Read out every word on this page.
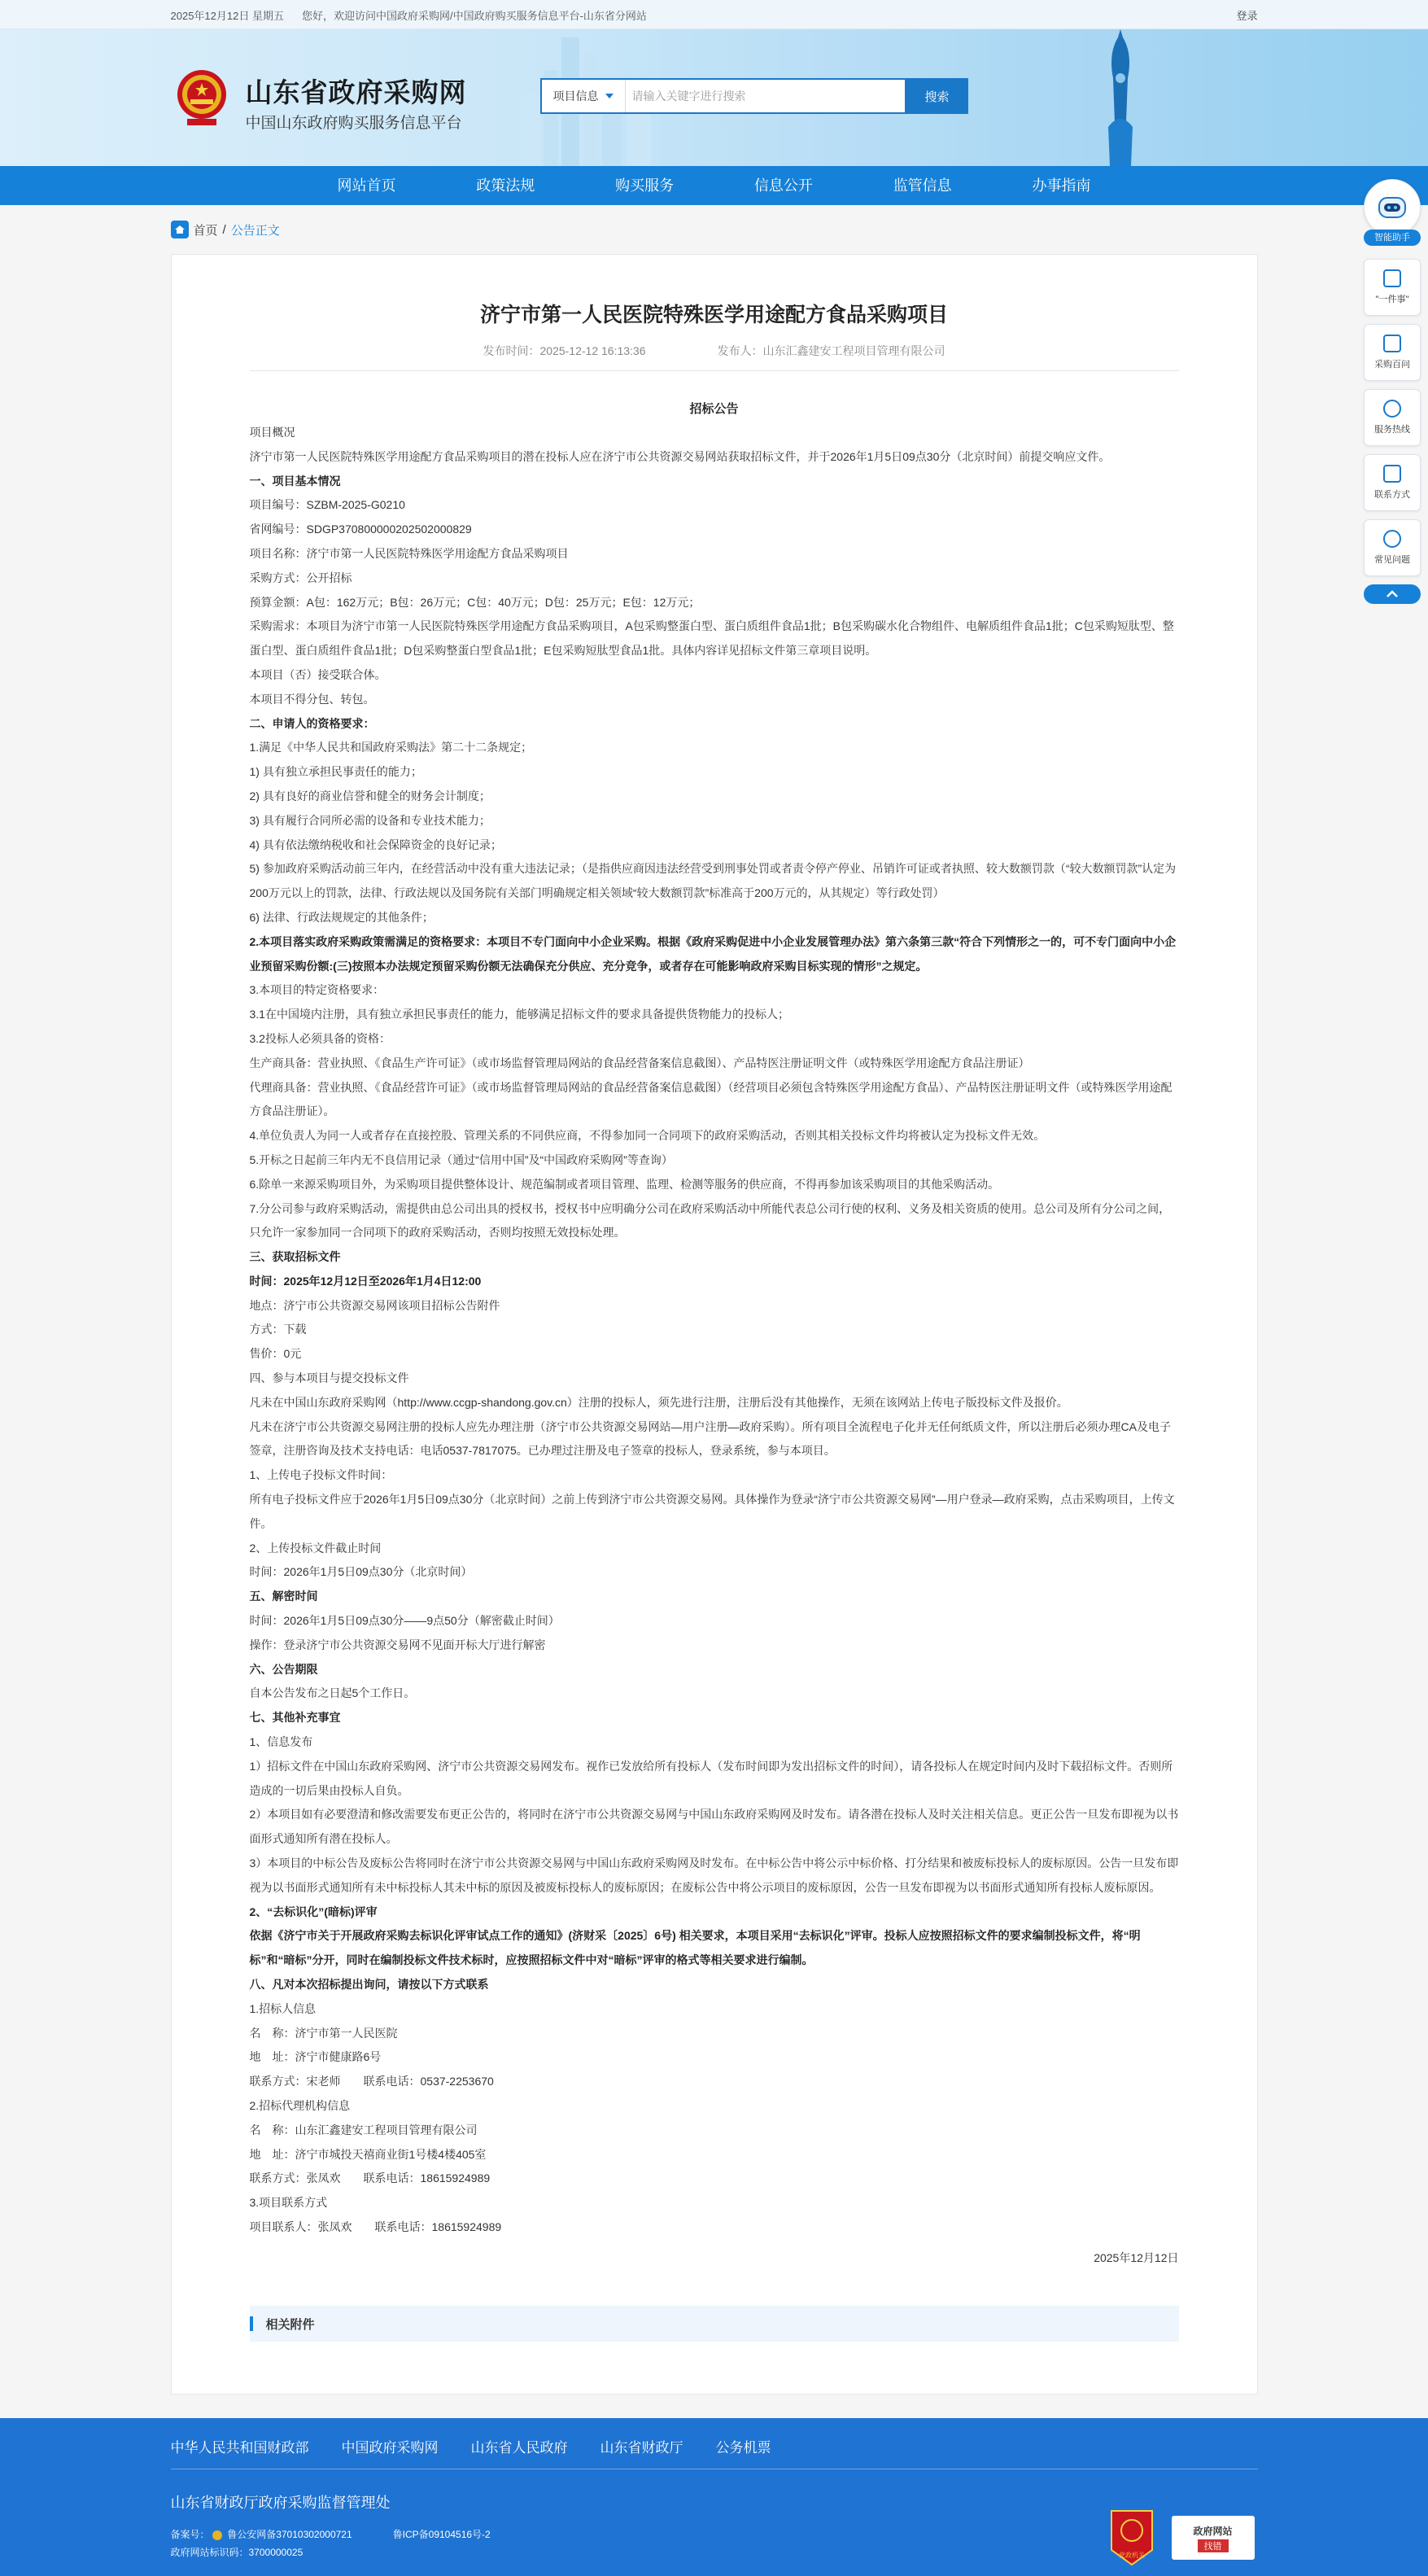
2025年12月12日 星期五 您好，欢迎访问中国政府采购网/中国政府购买服务信息平台-山东省分网站	登录
山东省政府采购网
中国山东政府购买服务信息平台
项目信息
请输入关键字进行搜索	搜索
网站首页	政策法规	购买服务	信息公开	监管信息	办事指南
首页 / 公告正文
济宁市第一人民医院特殊医学用途配方食品采购项目
发布时间：2025-12-12 16:13:36	发布人：山东汇鑫建安工程项目管理有限公司
招标公告

项目概况

济宁市第一人民医院特殊医学用途配方食品采购项目的潜在投标人应在济宁市公共资源交易网站获取招标文件，并于2026年1月5日09点30分（北京时间）前提交响应文件。

一、项目基本情况

项目编号：SZBM-2025-G0210

省网编号：SDGP370800000202502000829

项目名称：济宁市第一人民医院特殊医学用途配方食品采购项目

采购方式：公开招标

预算金额：A包：162万元；B包：26万元；C包：40万元；D包：25万元；E包：12万元；

采购需求：本项目为济宁市第一人民医院特殊医学用途配方食品采购项目，A包采购整蛋白型、蛋白质组件食品1批；B包采购碳水化合物组件、电解质组件食品1批；C包采购短肽型、整蛋白型、蛋白质组件食品1批；D包采购整蛋白型食品1批；E包采购短肽型食品1批。具体内容详见招标文件第三章项目说明。

本项目（否）接受联合体。

本项目不得分包、转包。

二、申请人的资格要求：

1.满足《中华人民共和国政府采购法》第二十二条规定；

1) 具有独立承担民事责任的能力；

2) 具有良好的商业信誉和健全的财务会计制度；

3) 具有履行合同所必需的设备和专业技术能力；

4) 具有依法缴纳税收和社会保障资金的良好记录；

5) 参加政府采购活动前三年内，在经营活动中没有重大违法记录；（是指供应商因违法经营受到刑事处罚或者责令停产停业、吊销许可证或者执照、较大数额罚款（“较大数额罚款”认定为200万元以上的罚款，法律、行政法规以及国务院有关部门明确规定相关领域“较大数额罚款”标准高于200万元的，从其规定）等行政处罚）

6) 法律、行政法规规定的其他条件；

2.本项目落实政府采购政策需满足的资格要求：本项目不专门面向中小企业采购。根据《政府采购促进中小企业发展管理办法》第六条第三款“符合下列情形之一的，可不专门面向中小企业预留采购份额:(三)按照本办法规定预留采购份额无法确保充分供应、充分竞争，或者存在可能影响政府采购目标实现的情形”之规定。

3.本项目的特定资格要求：

3.1在中国境内注册，具有独立承担民事责任的能力，能够满足招标文件的要求具备提供货物能力的投标人；

3.2投标人必须具备的资格：

生产商具备：营业执照、《食品生产许可证》（或市场监督管理局网站的食品经营备案信息截图）、产品特医注册证明文件（或特殊医学用途配方食品注册证）

代理商具备：营业执照、《食品经营许可证》（或市场监督管理局网站的食品经营备案信息截图）（经营项目必须包含特殊医学用途配方食品）、产品特医注册证明文件（或特殊医学用途配方食品注册证）。

4.单位负责人为同一人或者存在直接控股、管理关系的不同供应商，不得参加同一合同项下的政府采购活动，否则其相关投标文件均将被认定为投标文件无效。

5.开标之日起前三年内无不良信用记录（通过“信用中国”及“中国政府采购网”等查询）

6.除单一来源采购项目外，为采购项目提供整体设计、规范编制或者项目管理、监理、检测等服务的供应商，不得再参加该采购项目的其他采购活动。

7.分公司参与政府采购活动，需提供由总公司出具的授权书，授权书中应明确分公司在政府采购活动中所能代表总公司行使的权利、义务及相关资质的使用。总公司及所有分公司之间，只允许一家参加同一合同项下的政府采购活动，否则均按照无效投标处理。

三、获取招标文件

时间：2025年12月12日至2026年1月4日12:00

地点：济宁市公共资源交易网该项目招标公告附件

方式：下载

售价：0元

四、参与本项目与提交投标文件

凡未在中国山东政府采购网（http://www.ccgp-shandong.gov.cn）注册的投标人，须先进行注册，注册后没有其他操作，无须在该网站上传电子版投标文件及报价。

凡未在济宁市公共资源交易网注册的投标人应先办理注册（济宁市公共资源交易网站—用户注册—政府采购）。所有项目全流程电子化并无任何纸质文件，所以注册后必须办理CA及电子签章，注册咨询及技术支持电话：电话0537-7817075。已办理过注册及电子签章的投标人，登录系统，参与本项目。

1、上传电子投标文件时间：

所有电子投标文件应于2026年1月5日09点30分（北京时间）之前上传到济宁市公共资源交易网。具体操作为登录“济宁市公共资源交易网”—用户登录—政府采购，点击采购项目，上传文件。

2、上传投标文件截止时间

时间：2026年1月5日09点30分（北京时间）

五、解密时间

时间：2026年1月5日09点30分——9点50分（解密截止时间）

操作：登录济宁市公共资源交易网不见面开标大厅进行解密

六、公告期限

自本公告发布之日起5个工作日。

七、其他补充事宜

1、信息发布

1）招标文件在中国山东政府采购网、济宁市公共资源交易网发布。视作已发放给所有投标人（发布时间即为发出招标文件的时间），请各投标人在规定时间内及时下载招标文件。否则所造成的一切后果由投标人自负。

2）本项目如有必要澄清和修改需要发布更正公告的，将同时在济宁市公共资源交易网与中国山东政府采购网及时发布。请各潜在投标人及时关注相关信息。更正公告一旦发布即视为以书面形式通知所有潜在投标人。

3）本项目的中标公告及废标公告将同时在济宁市公共资源交易网与中国山东政府采购网及时发布。在中标公告中将公示中标价格、打分结果和被废标投标人的废标原因。公告一旦发布即视为以书面形式通知所有未中标投标人其未中标的原因及被废标投标人的废标原因；在废标公告中将公示项目的废标原因，公告一旦发布即视为以书面形式通知所有投标人废标原因。

2、“去标识化”(暗标)评审

依据《济宁市关于开展政府采购去标识化评审试点工作的通知》(济财采〔2025〕6号) 相关要求，本项目采用“去标识化”评审。投标人应按照招标文件的要求编制投标文件，将“明标”和“暗标”分开，同时在编制投标文件技术标时，应按照招标文件中对“暗标”评审的格式等相关要求进行编制。

八、凡对本次招标提出询问，请按以下方式联系

1.招标人信息

名　称：济宁市第一人民医院

地　址：济宁市健康路6号

联系方式：宋老师　　联系电话：0537-2253670

2.招标代理机构信息

名　称：山东汇鑫建安工程项目管理有限公司

地　址：济宁市城投天禧商业街1号楼4楼405室

联系方式：张凤欢　　联系电话：18615924989

3.项目联系方式

项目联系人：张凤欢　　联系电话：18615924989

2025年12月12日

相关附件
智能助手
"一件事"
采购百问
服务热线
联系方式
常见问题
中华人民共和国财政部 中国政府采购网 山东省人民政府 山东省财政厅 公务机票
山东省财政厅政府采购监督管理处
备案号： 鲁公安网备37010302000721	鲁ICP备09104516号-2
政府网站标识码：3700000025	党政机关
政府网站
找错
